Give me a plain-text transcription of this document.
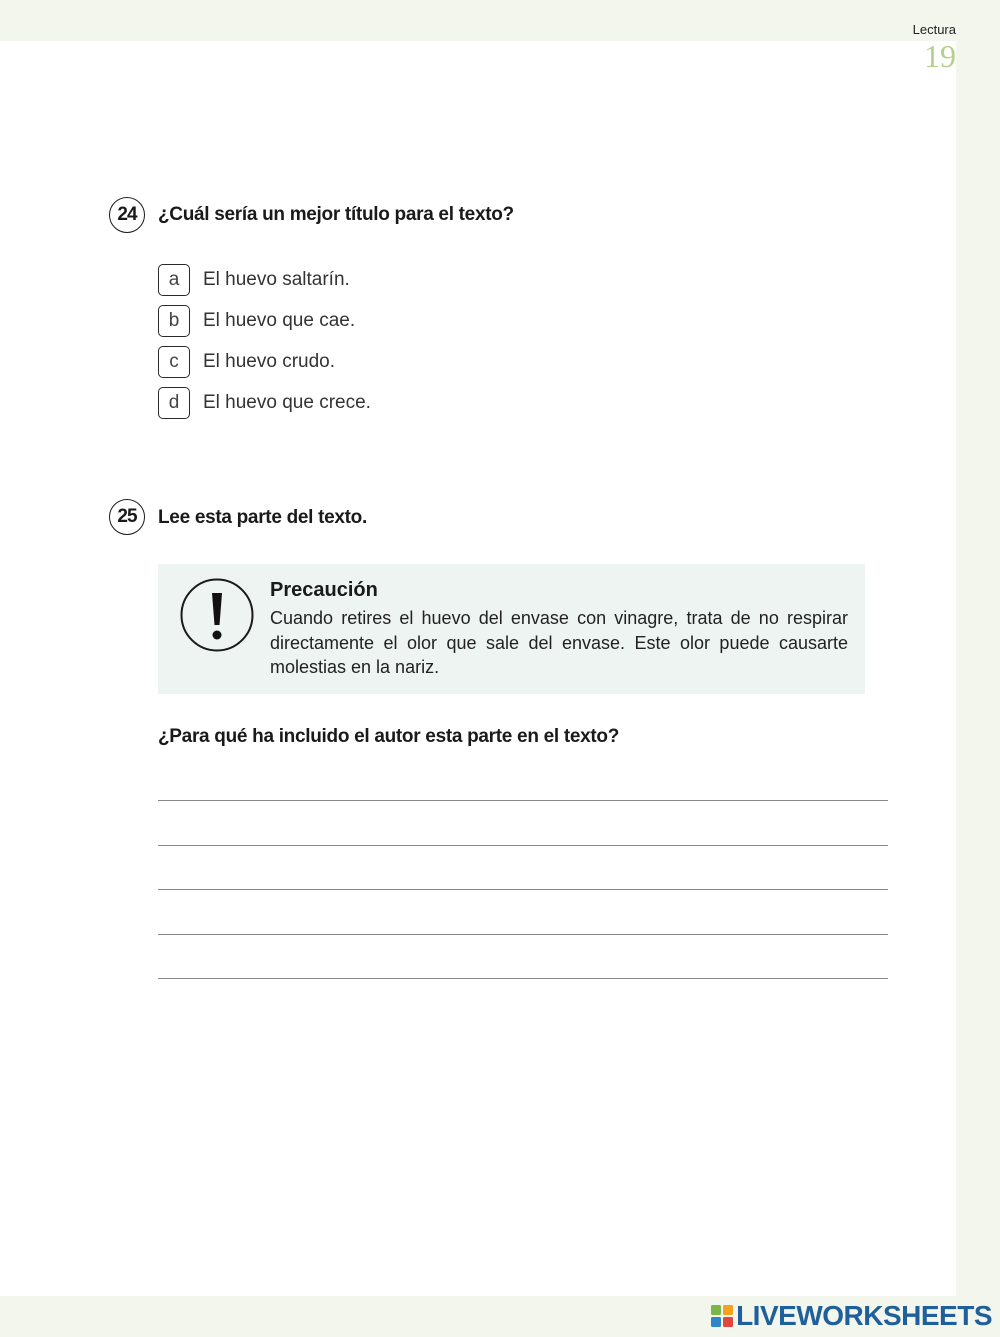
Lectura
19
24	¿Cuál sería un mejor título para el texto?
a	El huevo saltarín.
b	El huevo que cae.
c	El huevo crudo.
d	El huevo que crece.
25	Lee esta parte del texto.
Precaución
Cuando retires el huevo del envase con vinagre, trata de no respirar directamente el olor que sale del envase. Este olor puede causarte molestias en la nariz.
¿Para qué ha incluido el autor esta parte en el texto?
LIVEWORKSHEETS
